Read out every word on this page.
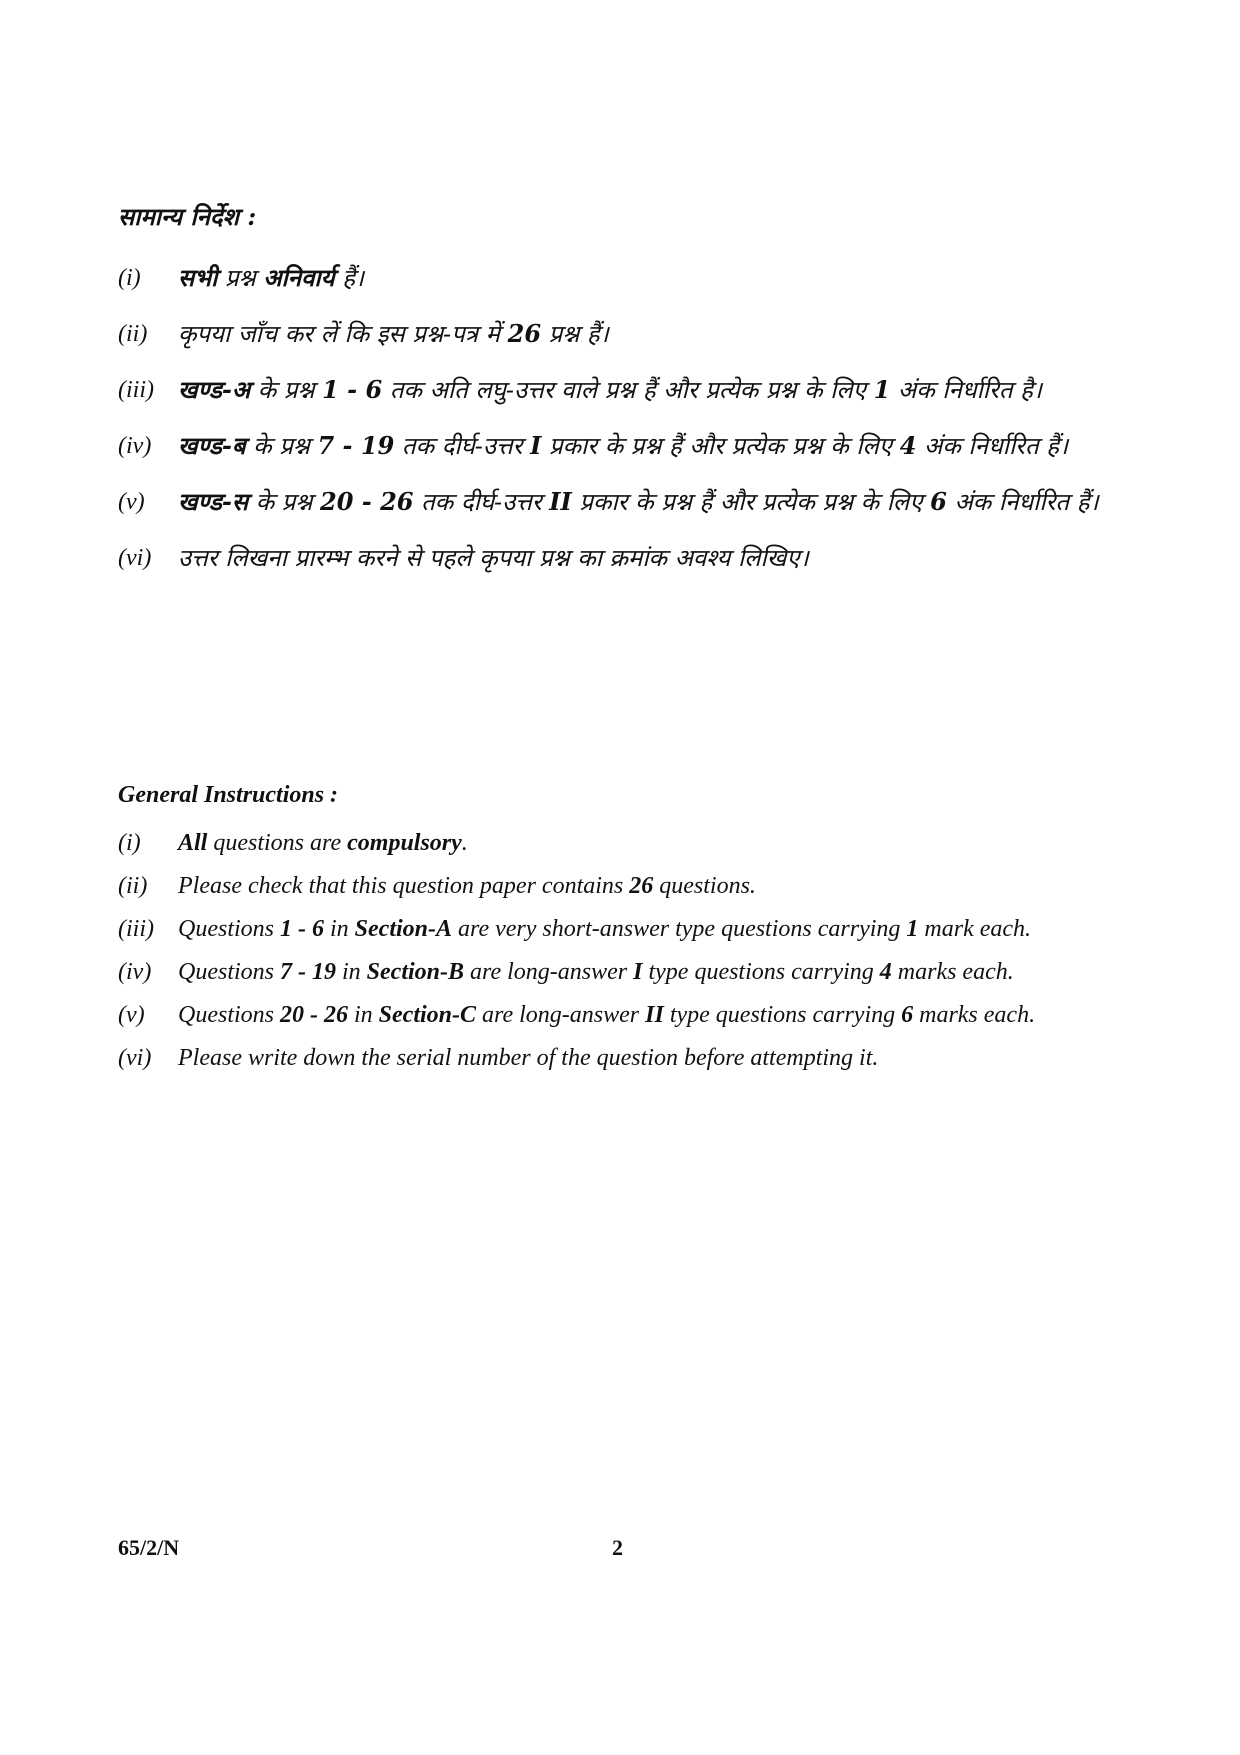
सामान्य निर्देश :
(i)	सभी प्रश्न अनिवार्य हैं।
(ii)	कृपया जाँच कर लें कि इस प्रश्न-पत्र में 26 प्रश्न हैं।
(iii)	खण्ड-अ के प्रश्न 1 - 6 तक अति लघु-उत्तर वाले प्रश्न हैं और प्रत्येक प्रश्न के लिए 1 अंक निर्धारित है।
(iv)	खण्ड-ब के प्रश्न 7 - 19 तक दीर्घ-उत्तर I प्रकार के प्रश्न हैं और प्रत्येक प्रश्न के लिए 4 अंक निर्धारित हैं।
(v)	खण्ड-स के प्रश्न 20 - 26 तक दीर्घ-उत्तर II प्रकार के प्रश्न हैं और प्रत्येक प्रश्न के लिए 6 अंक निर्धारित हैं।
(vi)	उत्तर लिखना प्रारम्भ करने से पहले कृपया प्रश्न का क्रमांक अवश्य लिखिए।
General Instructions :
(i)	All questions are compulsory.
(ii)	Please check that this question paper contains 26 questions.
(iii)	Questions 1 - 6 in Section-A are very short-answer type questions carrying 1 mark each.
(iv)	Questions 7 - 19 in Section-B are long-answer I type questions carrying 4 marks each.
(v)	Questions 20 - 26 in Section-C are long-answer II type questions carrying 6 marks each.
(vi)	Please write down the serial number of the question before attempting it.
65/2/N	2
